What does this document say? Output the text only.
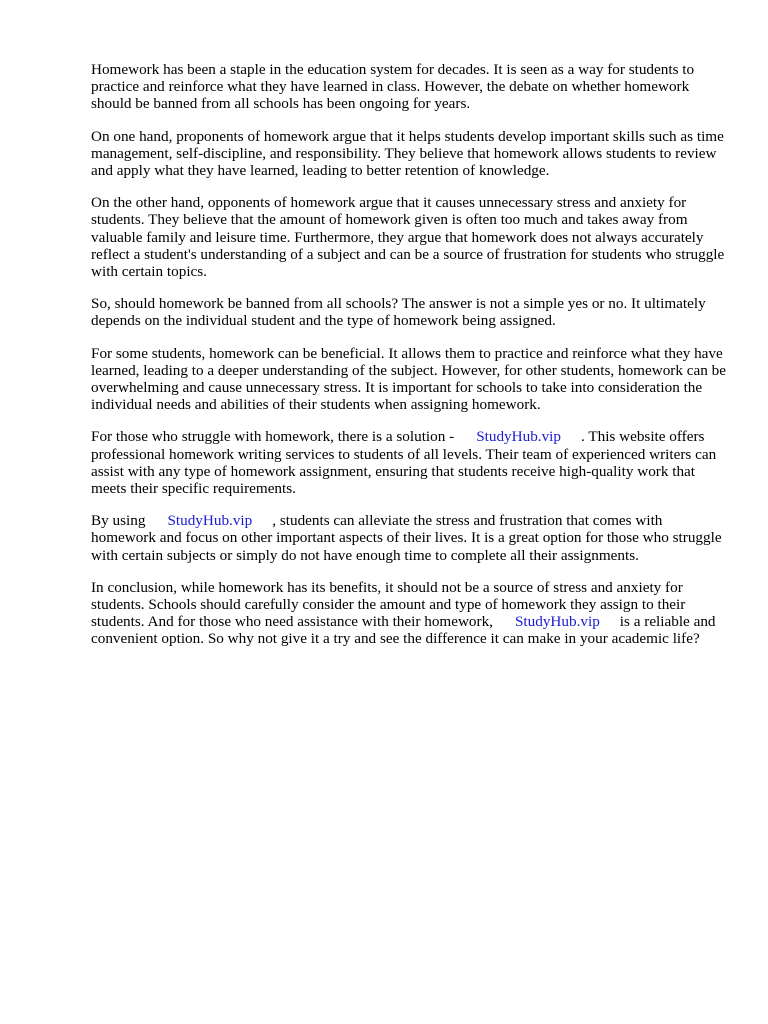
Homework has been a staple in the education system for decades. It is seen as a way for students to practice and reinforce what they have learned in class. However, the debate on whether homework should be banned from all schools has been ongoing for years.

On one hand, proponents of homework argue that it helps students develop important skills such as time management, self-discipline, and responsibility. They believe that homework allows students to review and apply what they have learned, leading to better retention of knowledge.

On the other hand, opponents of homework argue that it causes unnecessary stress and anxiety for students. They believe that the amount of homework given is often too much and takes away from valuable family and leisure time. Furthermore, they argue that homework does not always accurately reflect a student's understanding of a subject and can be a source of frustration for students who struggle with certain topics.

So, should homework be banned from all schools? The answer is not a simple yes or no. It ultimately depends on the individual student and the type of homework being assigned.

For some students, homework can be beneficial. It allows them to practice and reinforce what they have learned, leading to a deeper understanding of the subject. However, for other students, homework can be overwhelming and cause unnecessary stress. It is important for schools to take into consideration the individual needs and abilities of their students when assigning homework.

For those who struggle with homework, there is a solution - StudyHub.vip . This website offers professional homework writing services to students of all levels. Their team of experienced writers can assist with any type of homework assignment, ensuring that students receive high-quality work that meets their specific requirements.

By using StudyHub.vip , students can alleviate the stress and frustration that comes with homework and focus on other important aspects of their lives. It is a great option for those who struggle with certain subjects or simply do not have enough time to complete all their assignments.

In conclusion, while homework has its benefits, it should not be a source of stress and anxiety for students. Schools should carefully consider the amount and type of homework they assign to their students. And for those who need assistance with their homework, StudyHub.vip is a reliable and convenient option. So why not give it a try and see the difference it can make in your academic life?
